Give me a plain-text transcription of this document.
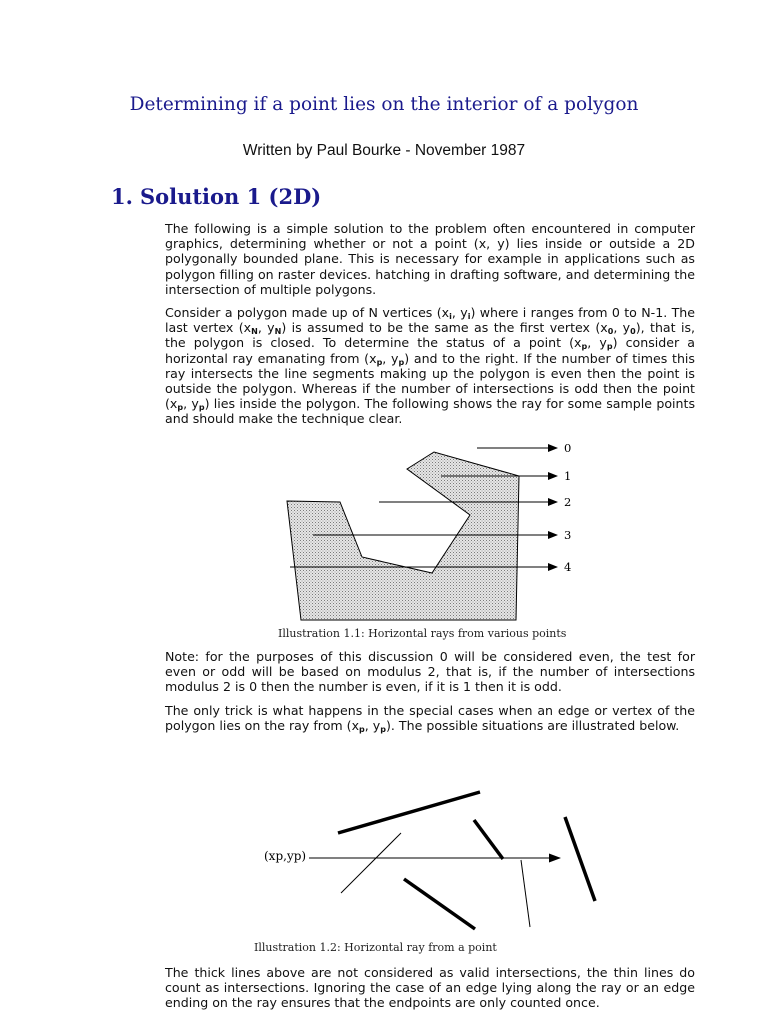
Determining if a point lies on the interior of a polygon

Written by Paul Bourke - November 1987

1. Solution 1 (2D)

The following is a simple solution to the problem often encountered in computer graphics, determining whether or not a point (x, y) lies inside or outside a 2D polygonally bounded plane. This is necessary for example in applications such as polygon filling on raster devices. hatching in drafting software, and determining the intersection of multiple polygons.

Consider a polygon made up of N vertices ($x_i$, $y_i$) where i ranges from 0 to N-1. The last vertex ($x_N$, $y_N$) is assumed to be the same as the first vertex ($x_0$, $y_0$), that is, the polygon is closed. To determine the status of a point ($x_p$, $y_p$) consider a horizontal ray emanating from ($x_p$, $y_p$) and to the right. If the number of times this ray intersects the line segments making up the polygon is even then the point is outside the polygon. Whereas if the number of intersections is odd then the point ($x_p$, $y_p$) lies inside the polygon. The following shows the ray for some sample points and should make the technique clear.

0
1
2
3
4
Illustration 1.1: Horizontal rays from various points

Note: for the purposes of this discussion 0 will be considered even, the test for even or odd will be based on modulus 2, that is, if the number of intersections modulus 2 is 0 then the number is even, if it is 1 then it is odd.

The only trick is what happens in the special cases when an edge or vertex of the polygon lies on the ray from ($x_p$, $y_p$). The possible situations are illustrated below.

(xp,yp)
Illustration 1.2: Horizontal ray from a point

The thick lines above are not considered as valid intersections, the thin lines do count as intersections. Ignoring the case of an edge lying along the ray or an edge ending on the ray ensures that the endpoints are only counted once.
